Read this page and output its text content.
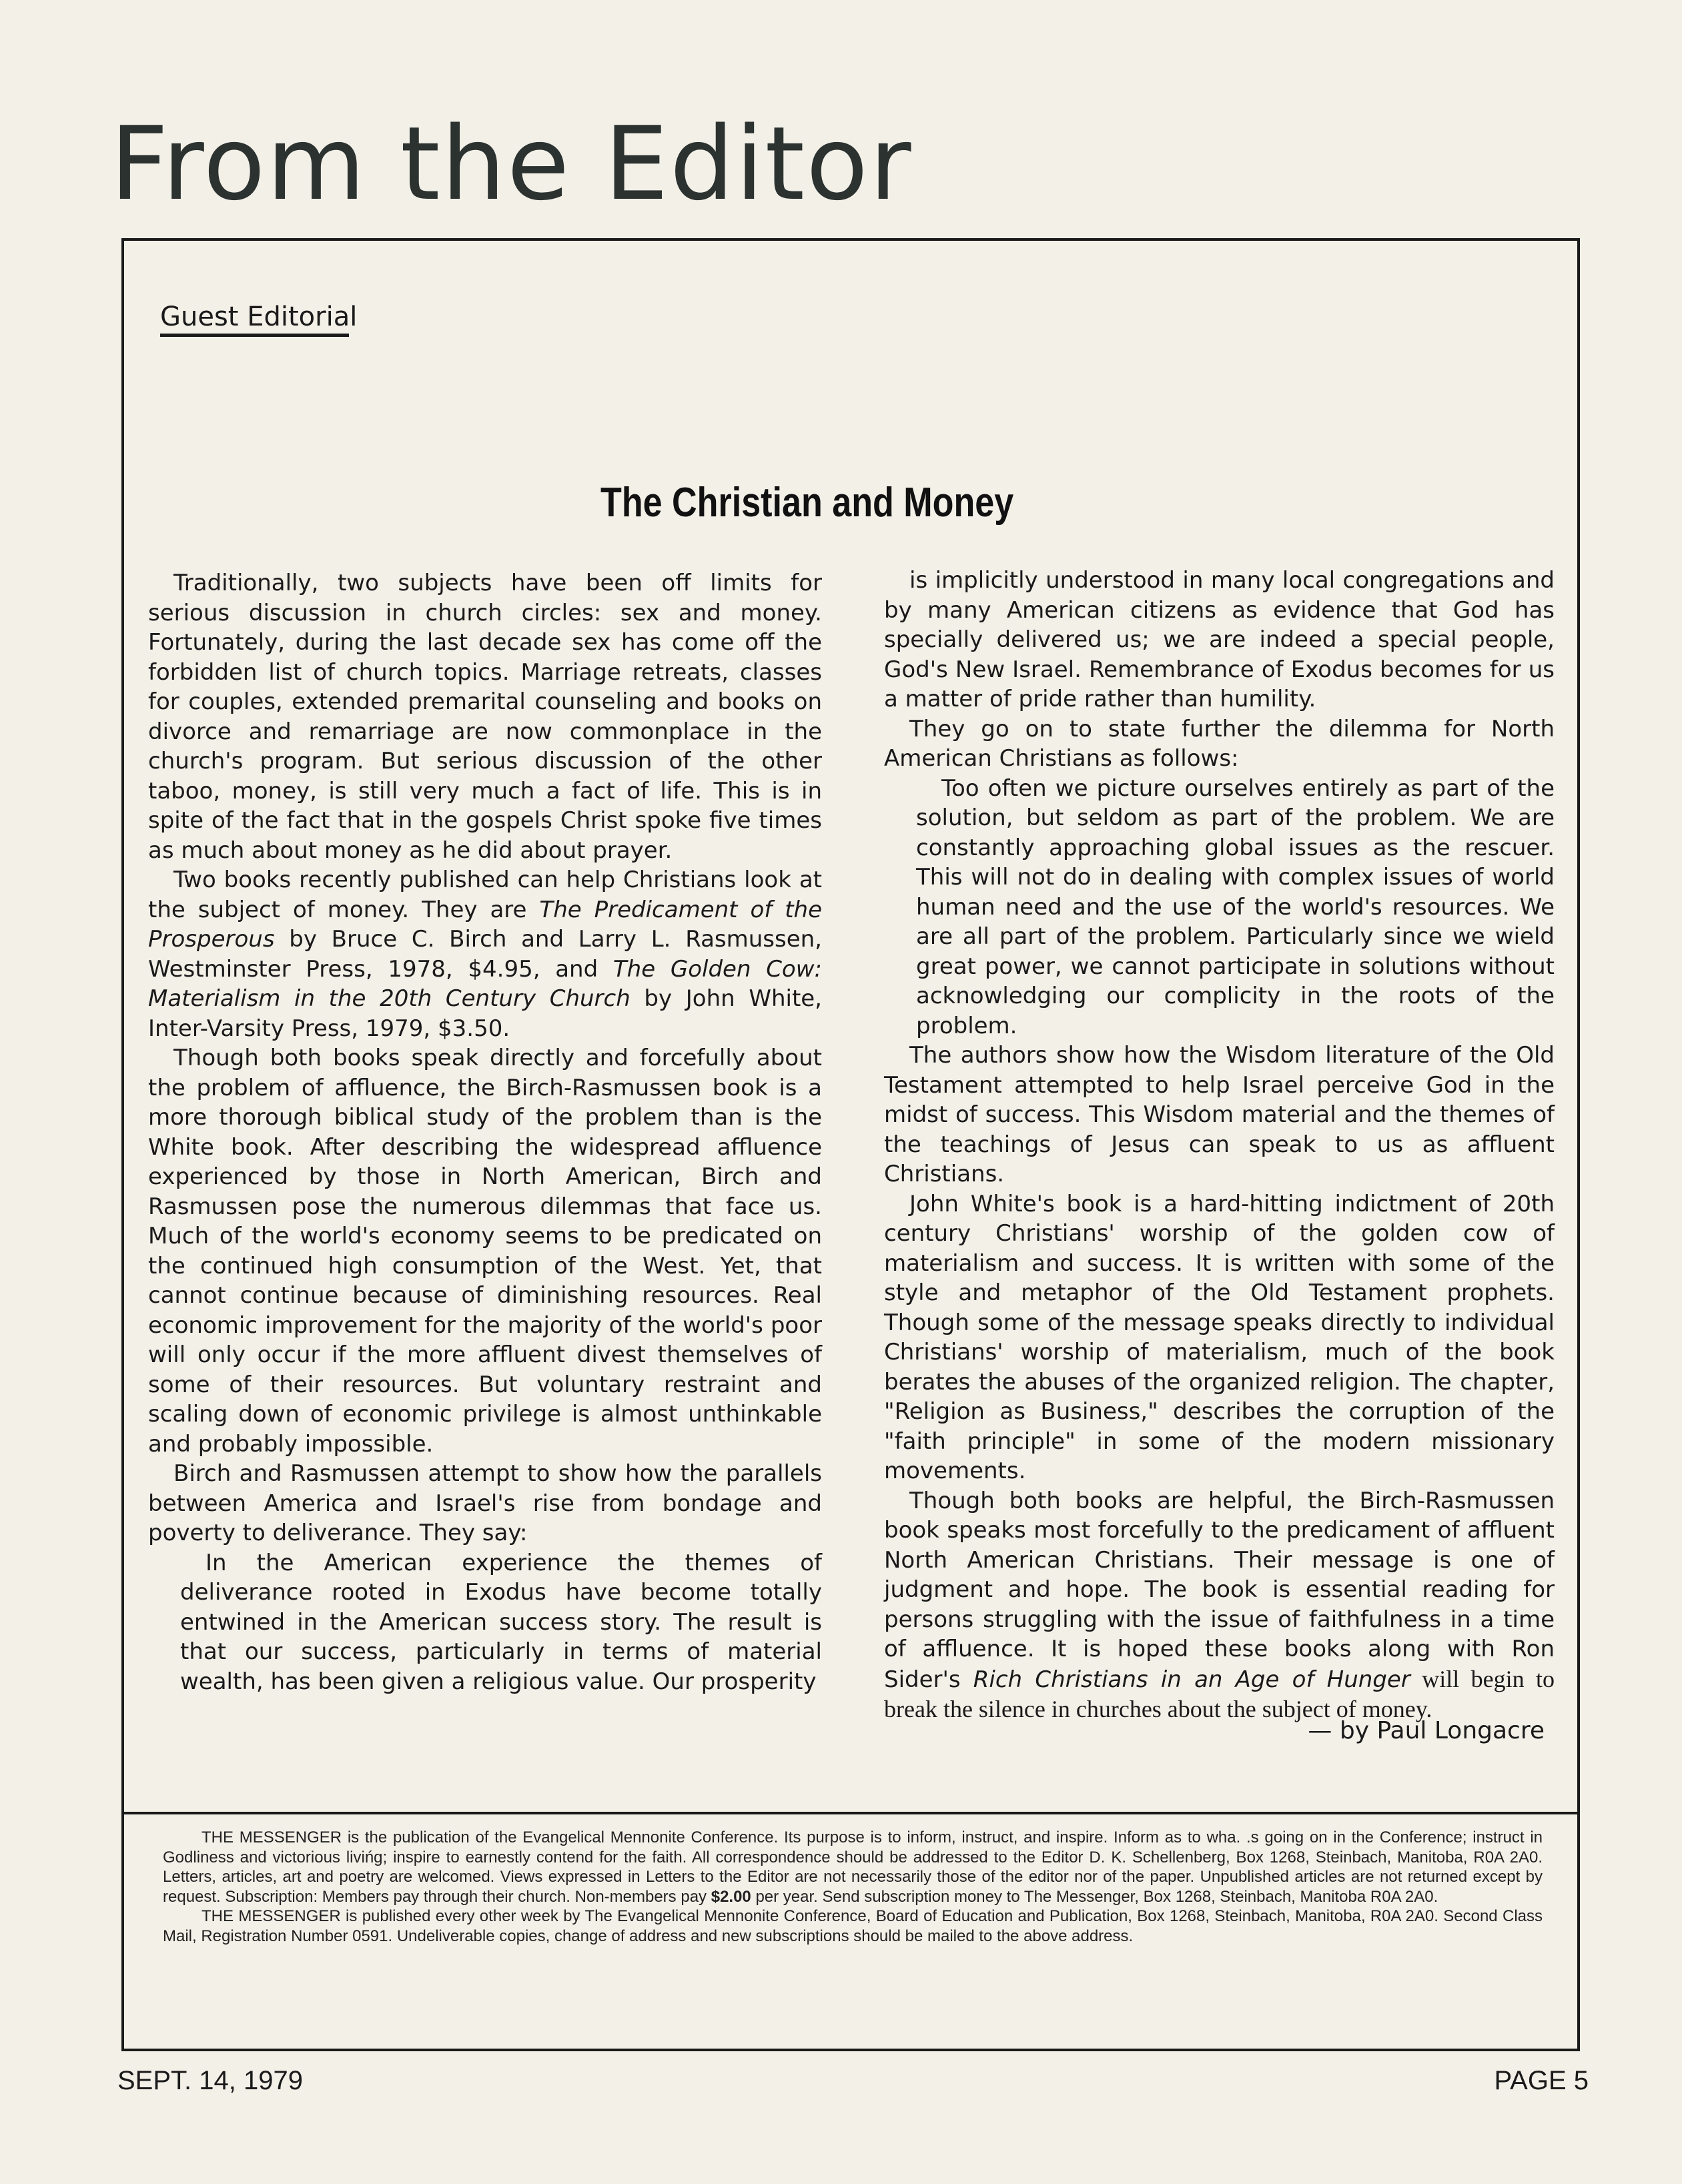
From the Editor
Guest Editorial
The Christian and Money

Traditionally, two subjects have been off limits for serious discussion in church circles: sex and money. Fortunately, during the last decade sex has come off the forbidden list of church topics. Marriage retreats, classes for couples, extended premarital counseling and books on divorce and remarriage are now commonplace in the church's program. But serious discussion of the other taboo, money, is still very much a fact of life. This is in spite of the fact that in the gospels Christ spoke five times as much about money as he did about prayer.

Two books recently published can help Christians look at the subject of money. They are The Predicament of the Prosperous by Bruce C. Birch and Larry L. Rasmussen, Westminster Press, 1978, $4.95, and The Golden Cow: Materialism in the 20th Century Church by John White, Inter-Varsity Press, 1979, $3.50.

Though both books speak directly and forcefully about the problem of affluence, the Birch-Rasmussen book is a more thorough biblical study of the problem than is the White book. After describing the widespread affluence experienced by those in North American, Birch and Rasmussen pose the numerous dilemmas that face us. Much of the world's economy seems to be predicated on the continued high consumption of the West. Yet, that cannot continue because of diminishing resources. Real economic improvement for the majority of the world's poor will only occur if the more affluent divest themselves of some of their resources. But voluntary restraint and scaling down of economic privilege is almost unthinkable and probably impossible.

Birch and Rasmussen attempt to show how the parallels between America and Israel's rise from bondage and poverty to deliverance. They say:

In the American experience the themes of deliverance rooted in Exodus have become totally entwined in the American success story. The result is that our success, particularly in terms of material wealth, has been given a religious value. Our prosperity

is implicitly understood in many local congregations and by many American citizens as evidence that God has specially delivered us; we are indeed a special people, God's New Israel. Remembrance of Exodus becomes for us a matter of pride rather than humility.

They go on to state further the dilemma for North American Christians as follows:

Too often we picture ourselves entirely as part of the solution, but seldom as part of the problem. We are constantly approaching global issues as the rescuer. This will not do in dealing with complex issues of world human need and the use of the world's resources. We are all part of the problem. Particularly since we wield great power, we cannot participate in solutions without acknowledging our complicity in the roots of the problem.

The authors show how the Wisdom literature of the Old Testament attempted to help Israel perceive God in the midst of success. This Wisdom material and the themes of the teachings of Jesus can speak to us as affluent Christians.

John White's book is a hard-hitting indictment of 20th century Christians' worship of the golden cow of materialism and success. It is written with some of the style and metaphor of the Old Testament prophets. Though some of the message speaks directly to individual Christians' worship of materialism, much of the book berates the abuses of the organized religion. The chapter, "Religion as Business," describes the corruption of the "faith principle" in some of the modern missionary movements.

Though both books are helpful, the Birch-Rasmussen book speaks most forcefully to the predicament of affluent North American Christians. Their message is one of judgment and hope. The book is essential reading for persons struggling with the issue of faithfulness in a time of affluence. It is hoped these books along with Ron Sider's Rich Christians in an Age of Hunger will begin to break the silence in churches about the subject of money.

— by Paul Longacre

THE MESSENGER is the publication of the Evangelical Mennonite Conference. Its purpose is to inform, instruct, and inspire. Inform as to wha. .s going on in the Conference; instruct in Godliness and victorious livińg; inspire to earnestly contend for the faith. All correspondence should be addressed to the Editor D. K. Schellenberg, Box 1268, Steinbach, Manitoba, R0A 2A0. Letters, articles, art and poetry are welcomed. Views expressed in Letters to the Editor are not necessarily those of the editor nor of the paper. Unpublished articles are not returned except by request. Subscription: Members pay through their church. Non-members pay $2.00 per year. Send subscription money to The Messenger, Box 1268, Steinbach, Manitoba R0A 2A0.

THE MESSENGER is published every other week by The Evangelical Mennonite Conference, Board of Education and Publication, Box 1268, Steinbach, Manitoba, R0A 2A0. Second Class Mail, Registration Number 0591. Undeliverable copies, change of address and new subscriptions should be mailed to the above address.

SEPT. 14, 1979	PAGE 5
